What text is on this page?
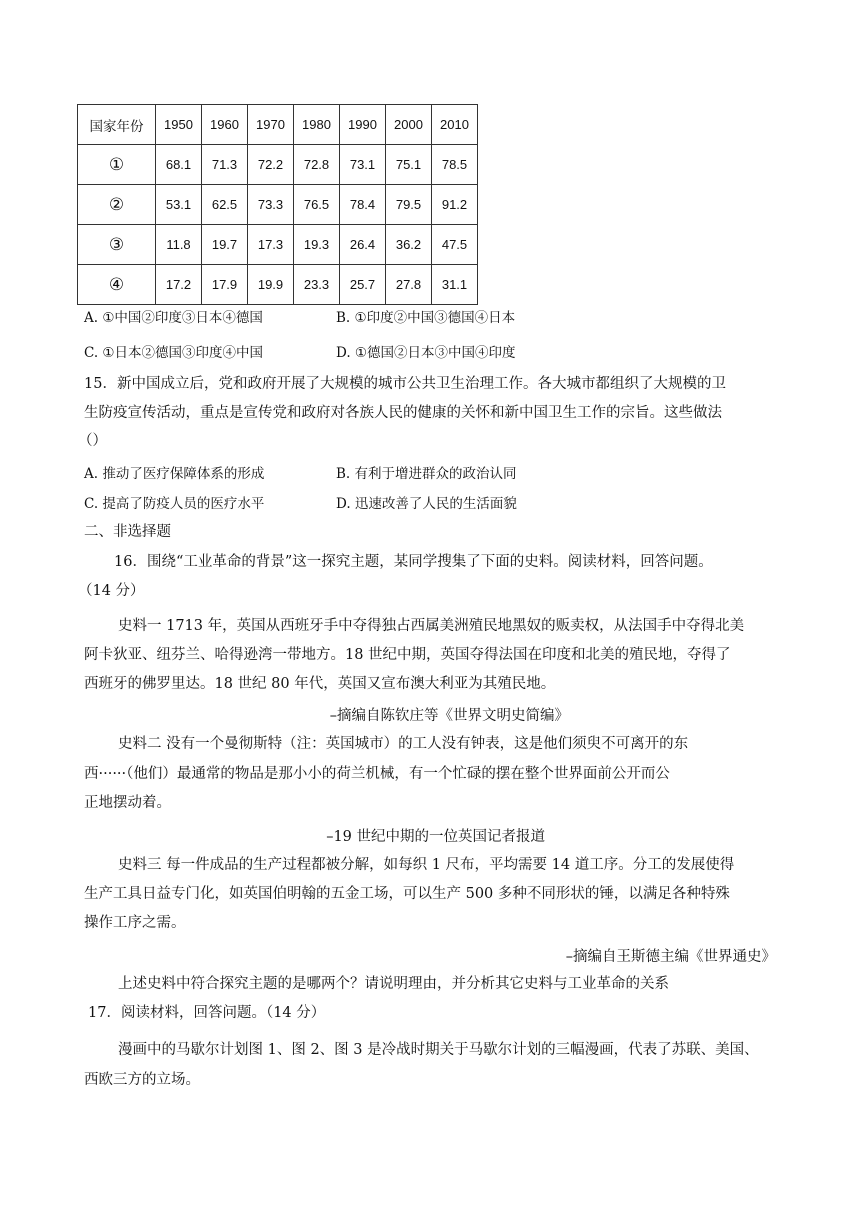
国家年份	1950	1960	1970	1980	1990	2000	2010
①	68.1	71.3	72.2	72.8	73.1	75.1	78.5
②	53.1	62.5	73.3	76.5	78.4	79.5	91.2
③	11.8	19.7	17.3	19.3	26.4	36.2	47.5
④	17.2	17.9	19.9	23.3	25.7	27.8	31.1
A. ①中国②印度③日本④德国	B. ①印度②中国③德国④日本
C. ①日本②德国③印度④中国	D. ①德国②日本③中国④印度
15．新中国成立后，党和政府开展了大规模的城市公共卫生治理工作。各大城市都组织了大规模的卫
生防疫宣传活动，重点是宣传党和政府对各族人民的健康的关怀和新中国卫生工作的宗旨。这些做法
（）
A. 推动了医疗保障体系的形成	B. 有利于增进群众的政治认同
C. 提高了防疫人员的医疗水平	D. 迅速改善了人民的生活面貌
二、非选择题
16．围绕“工业革命的背景”这一探究主题，某同学搜集了下面的史料。阅读材料，回答问题。
（14 分）
史料一 1713 年，英国从西班牙手中夺得独占西属美洲殖民地黑奴的贩卖权，从法国手中夺得北美
阿卡狄亚、纽芬兰、哈得逊湾一带地方。18 世纪中期，英国夺得法国在印度和北美的殖民地，夺得了
西班牙的佛罗里达。18 世纪 80 年代，英国又宣布澳大利亚为其殖民地。
–摘编自陈钦庄等《世界文明史简编》
史料二 没有一个曼彻斯特（注：英国城市）的工人没有钟表，这是他们须臾不可离开的东
西······（他们）最通常的物品是那小小的荷兰机械，有一个忙碌的摆在整个世界面前公开而公
正地摆动着。
–19 世纪中期的一位英国记者报道
史料三 每一件成品的生产过程都被分解，如每织 1 尺布，平均需要 14 道工序。分工的发展使得
生产工具日益专门化，如英国伯明翰的五金工场，可以生产 500 多种不同形状的锤，以满足各种特殊
操作工序之需。
–摘编自王斯德主编《世界通史》
上述史料中符合探究主题的是哪两个？请说明理由，并分析其它史料与工业革命的关系
17．阅读材料，回答问题。（14 分）
漫画中的马歇尔计划图 1、图 2、图 3 是冷战时期关于马歇尔计划的三幅漫画，代表了苏联、美国、
西欧三方的立场。
